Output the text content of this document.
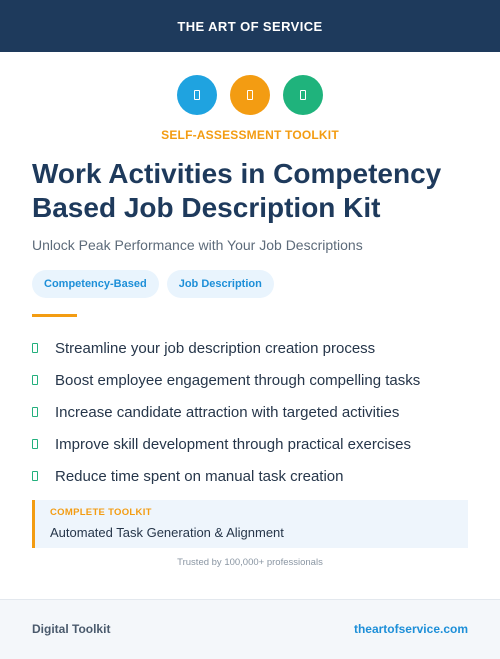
THE ART OF SERVICE
SELF-ASSESSMENT TOOLKIT
Work Activities in Competency Based Job Description Kit
Unlock Peak Performance with Your Job Descriptions
Competency-Based	Job Description
Streamline your job description creation process
Boost employee engagement through compelling tasks
Increase candidate attraction with targeted activities
Improve skill development through practical exercises
Reduce time spent on manual task creation
COMPLETE TOOLKIT
Automated Task Generation & Alignment
Trusted by 100,000+ professionals
Digital Toolkit	theartofservice.com
